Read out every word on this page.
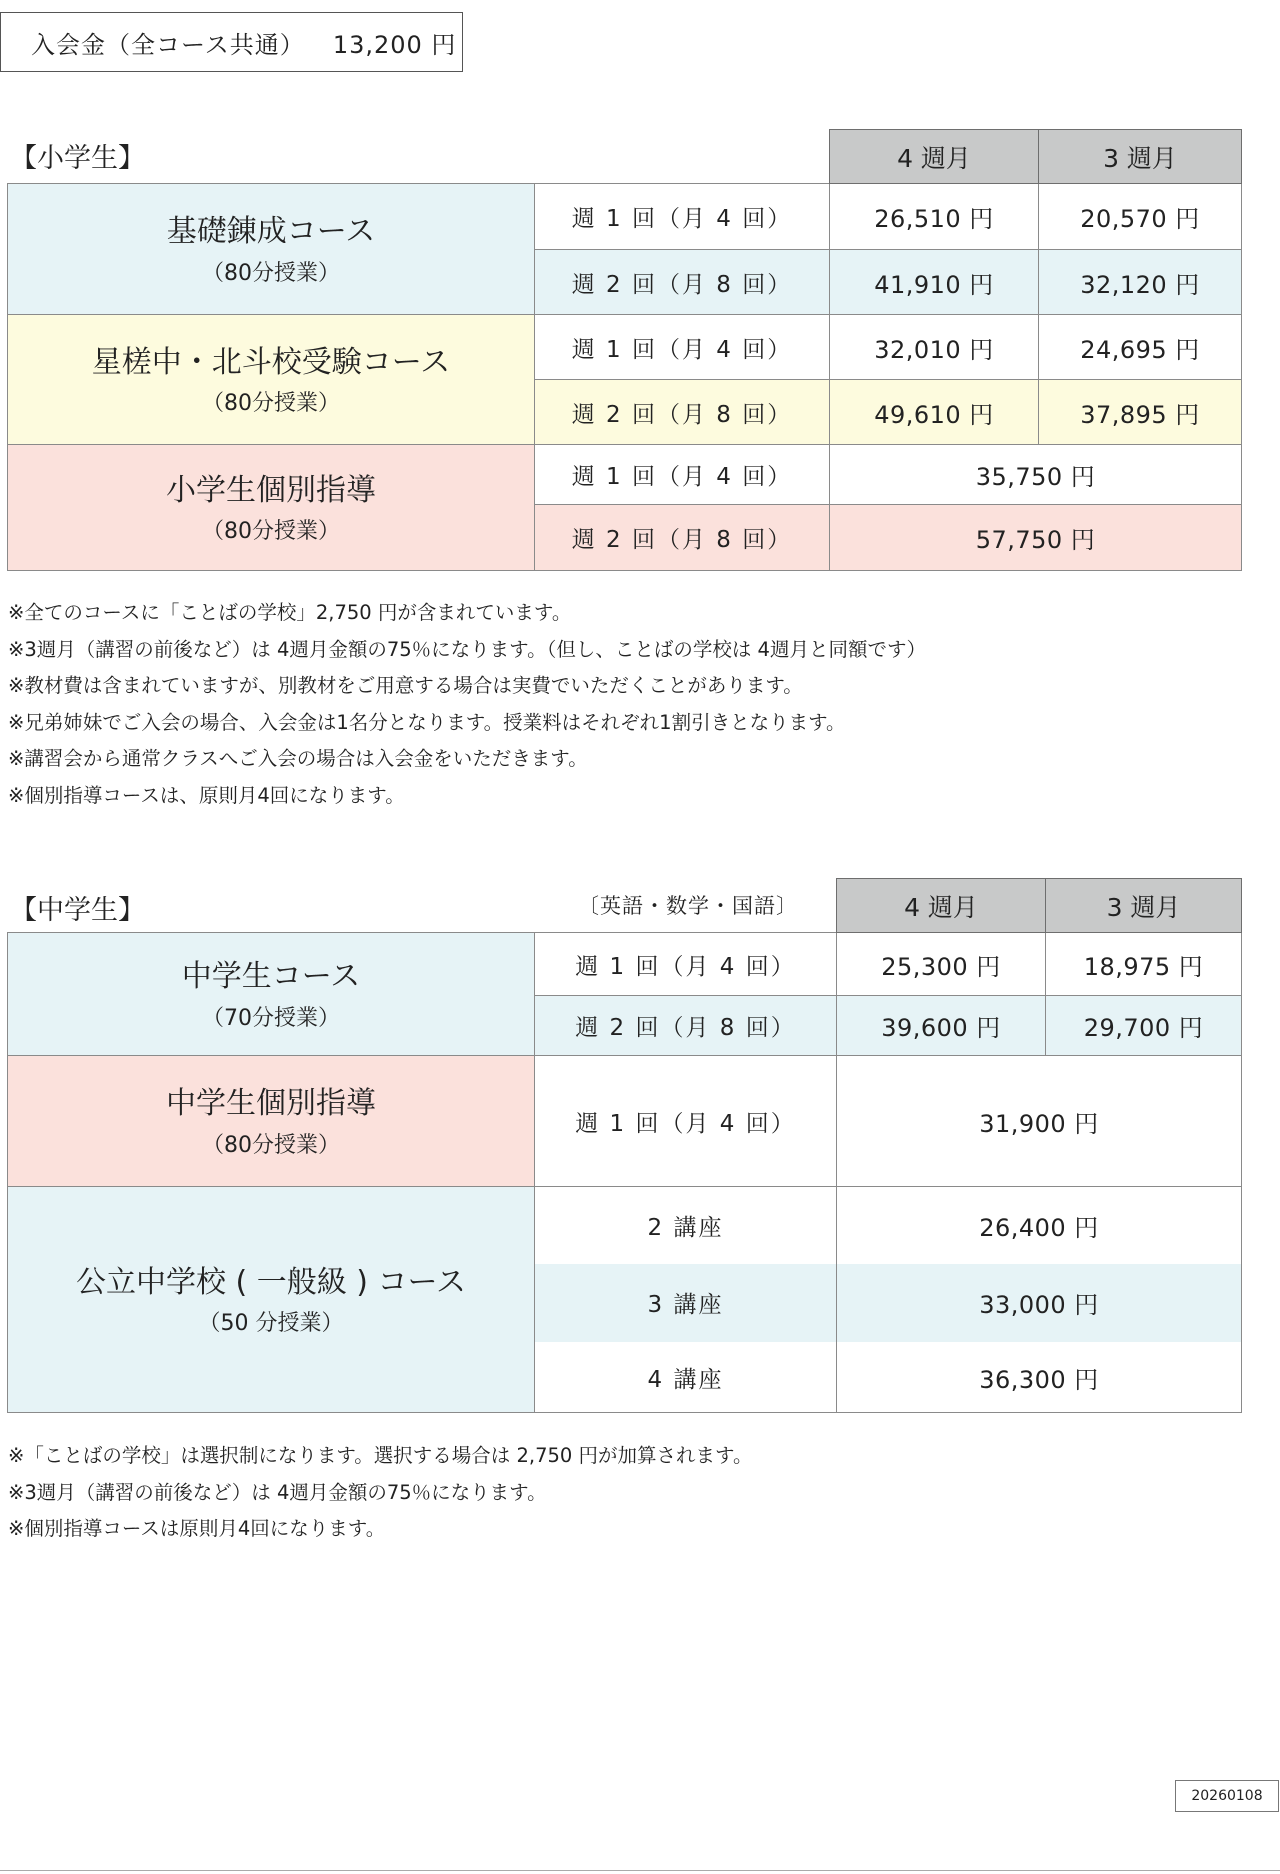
入会金（全コース共通） 13,200 円
【小学生】
		4 週月	3 週月
基礎錬成コース
（80分授業）	週 1 回（月 4 回）	26,510 円	20,570 円
	週 2 回（月 8 回）	41,910 円	32,120 円
星槎中・北斗校受験コース
（80分授業）	週 1 回（月 4 回）	32,010 円	24,695 円
	週 2 回（月 8 回）	49,610 円	37,895 円
小学生個別指導
（80分授業）	週 1 回（月 4 回）	35,750 円	
	週 2 回（月 8 回）	57,750 円	
※全てのコースに「ことばの学校」2,750 円が含まれています。
※3週月（講習の前後など）は 4週月金額の75％になります。（但し、ことばの学校は 4週月と同額です）
※教材費は含まれていますが、別教材をご用意する場合は実費でいただくことがあります。
※兄弟姉妹でご入会の場合、入会金は1名分となります。授業料はそれぞれ1割引きとなります。
※講習会から通常クラスへご入会の場合は入会金をいただきます。
※個別指導コースは、原則月4回になります。
【中学生】
		〔英語・数学・国語〕	4 週月	3 週月
中学生コース
（70分授業）	週 1 回（月 4 回）	25,300 円	18,975 円
	週 2 回（月 8 回）	39,600 円	29,700 円
中学生個別指導
（80分授業）	週 1 回（月 4 回）	31,900 円	
公立中学校 ( 一般級 ) コース
（50 分授業）	2 講座	26,400 円	
	3 講座	33,000 円	
	4 講座	36,300 円	
※「ことばの学校」は選択制になります。選択する場合は 2,750 円が加算されます。
※3週月（講習の前後など）は 4週月金額の75％になります。
※個別指導コースは原則月4回になります。
20260108
